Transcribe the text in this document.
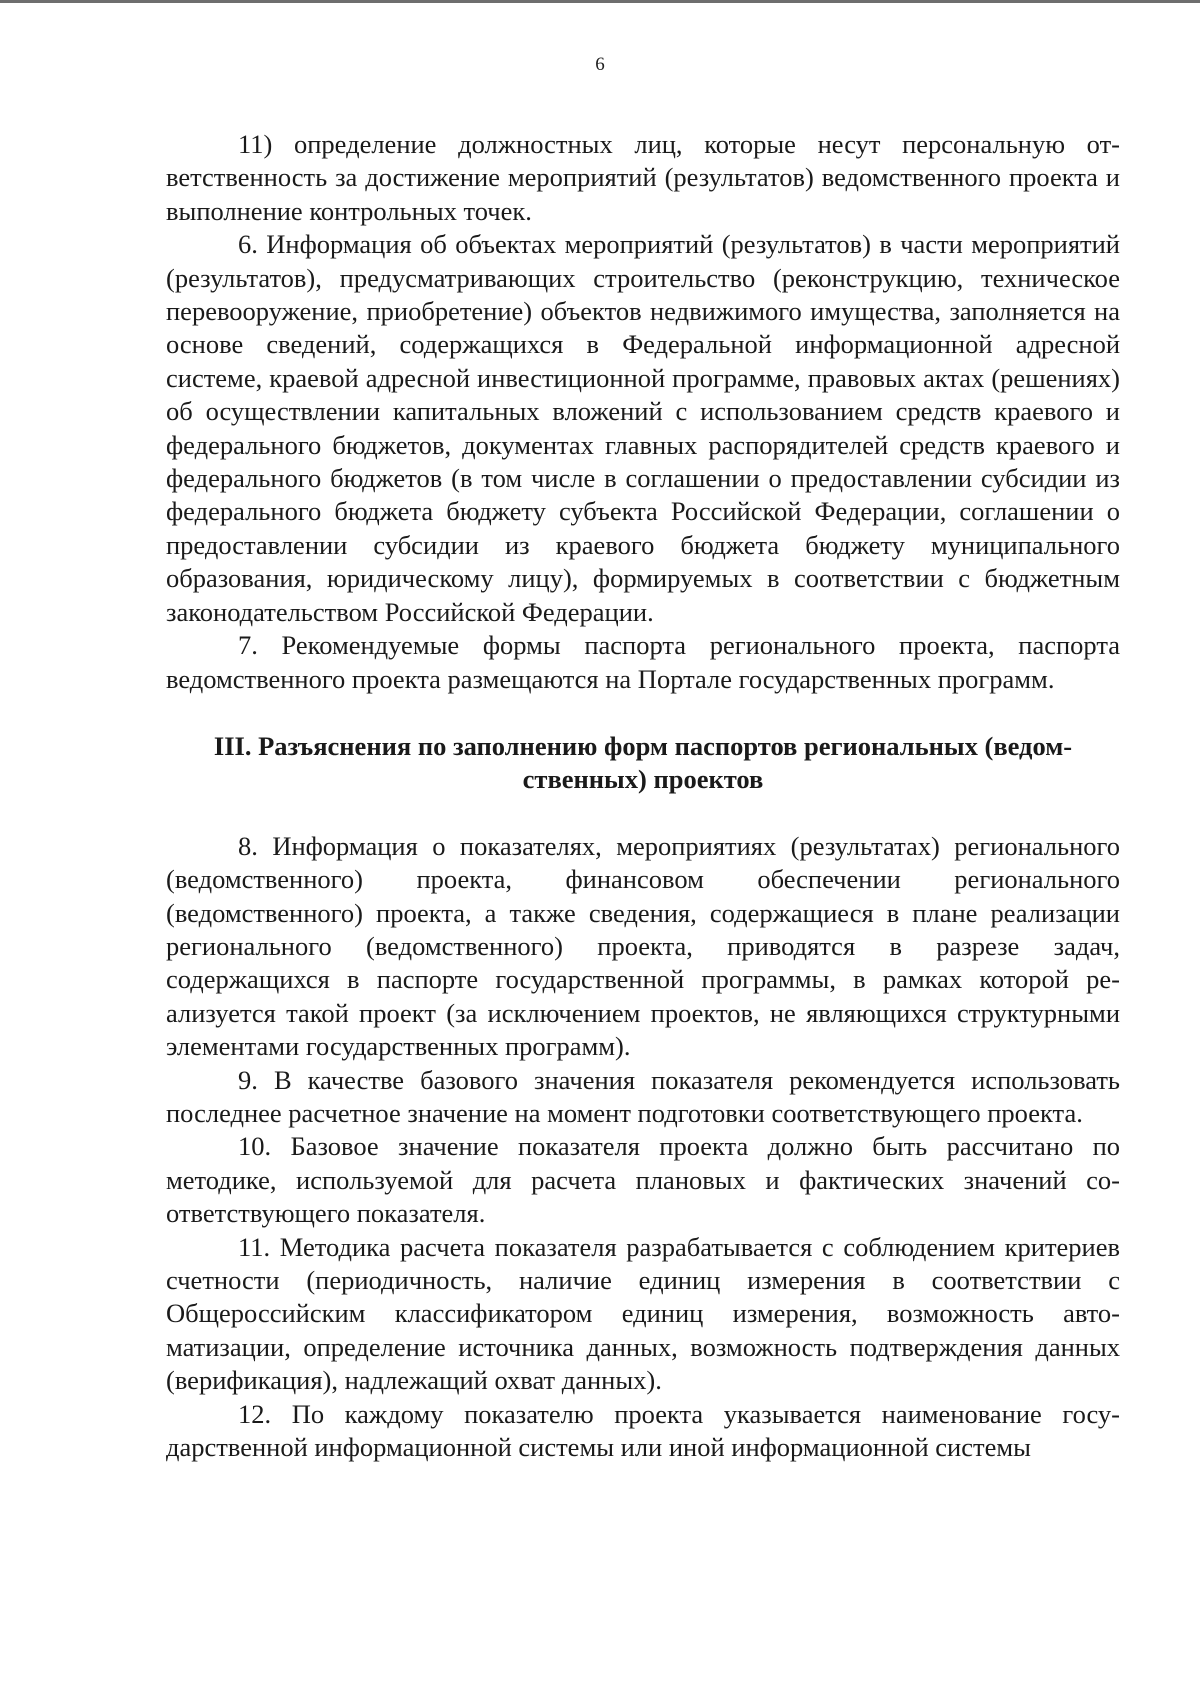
6

11) определение должностных лиц, которые несут персональную ответственность за достижение мероприятий (результатов) ведомственного проекта и выполнение контрольных точек.

6. Информация об объектах мероприятий (результатов) в части мероприятий (результатов), предусматривающих строительство (реконструкцию, техническое перевооружение, приобретение) объектов недвижимого имущества, заполняется на основе сведений, содержащихся в Федеральной информационной адресной системе, краевой адресной инвестиционной программе, правовых актах (решениях) об осуществлении капитальных вложений с использованием средств краевого и федерального бюджетов, документах главных распорядителей средств краевого и федерального бюджетов (в том числе в соглашении о предоставлении субсидии из федерального бюджета бюджету субъекта Российской Федерации, соглашении о предоставлении субсидии из краевого бюджета бюджету муниципального образования, юридическому лицу), формируемых в соответствии с бюджетным законодательством Российской Федерации.

7. Рекомендуемые формы паспорта регионального проекта, паспорта ведомственного проекта размещаются на Портале государственных программ.

III. Разъяснения по заполнению форм паспортов региональных (ведомственных) проектов

8. Информация о показателях, мероприятиях (результатах) регионального (ведомственного) проекта, финансовом обеспечении регионального (ведомственного) проекта, а также сведения, содержащиеся в плане реализации регионального (ведомственного) проекта, приводятся в разрезе задач, содержащихся в паспорте государственной программы, в рамках которой реализуется такой проект (за исключением проектов, не являющихся структурными элементами государственных программ).

9. В качестве базового значения показателя рекомендуется использовать последнее расчетное значение на момент подготовки соответствующего проекта.

10. Базовое значение показателя проекта должно быть рассчитано по методике, используемой для расчета плановых и фактических значений соответствующего показателя.

11. Методика расчета показателя разрабатывается с соблюдением критериев счетности (периодичность, наличие единиц измерения в соответствии с Общероссийским классификатором единиц измерения, возможность автоматизации, определение источника данных, возможность подтверждения данных (верификация), надлежащий охват данных).

12. По каждому показателю проекта указывается наименование государственной информационной системы или иной информационной системы
